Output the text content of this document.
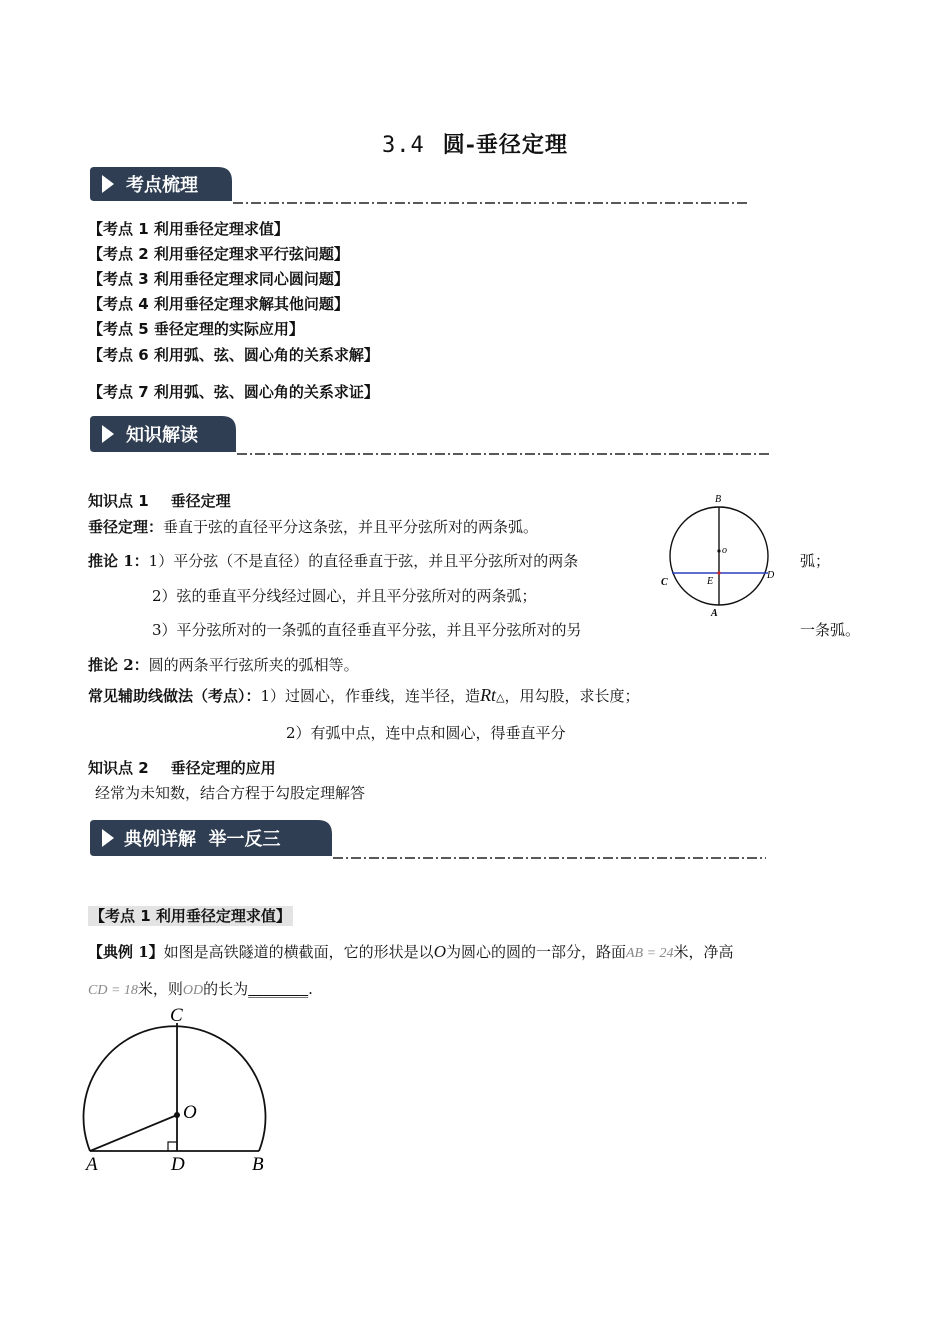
3.4 圆-垂径定理
考点梳理
【考点 1 利用垂径定理求值】
【考点 2 利用垂径定理求平行弦问题】
【考点 3 利用垂径定理求同心圆问题】
【考点 4 利用垂径定理求解其他问题】
【考点 5 垂径定理的实际应用】
【考点 6 利用弧、弦、圆心角的关系求解】
【考点 7 利用弧、弦、圆心角的关系求证】
知识解读
知识点 1 垂径定理
垂径定理：垂直于弦的直径平分这条弦，并且平分弦所对的两条弧。
推论 1：1）平分弦（不是直径）的直径垂直于弦，并且平分弦所对的两条	弧；
2）弦的垂直平分线经过圆心，并且平分弦所对的两条弧；
3）平分弦所对的一条弧的直径垂直平分弦，并且平分弦所对的另	一条弧。
推论 2：圆的两条平行弦所夹的弧相等。
常见辅助线做法（考点）：1）过圆心，作垂线，连半径，造Rt△，用勾股，求长度；
2）有弧中点，连中点和圆心，得垂直平分
知识点 2 垂径定理的应用
经常为未知数，结合方程于勾股定理解答
B
o
C	E
D
A
典例详解  举一反三
【考点 1 利用垂径定理求值】
【典例 1】如图是高铁隧道的横截面，它的形状是以O为圆心的圆的一部分，路面AB = 24米，净高
CD = 18米，则OD的长为________.
C
O
A	D	B
